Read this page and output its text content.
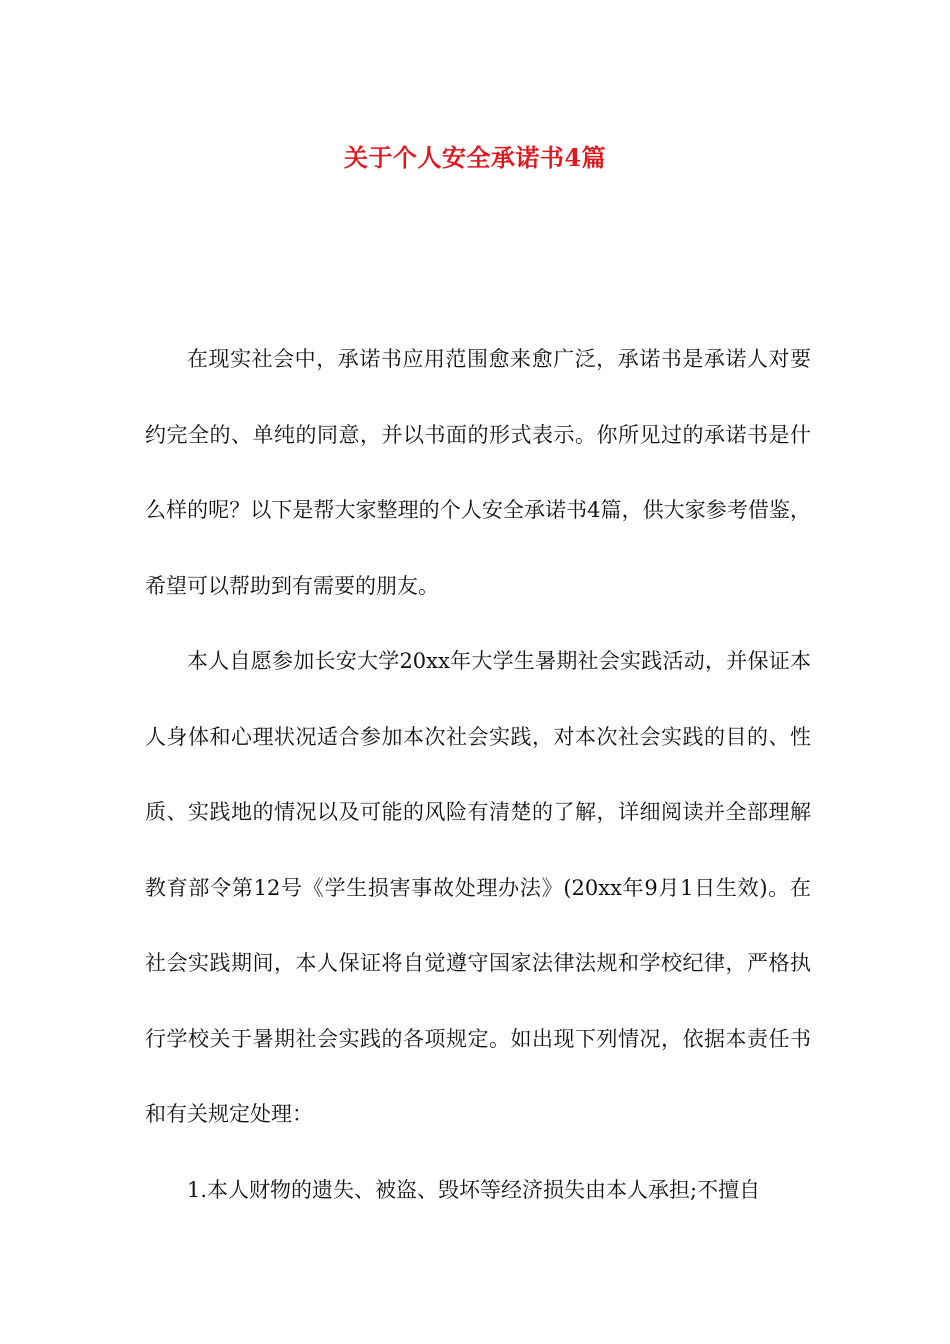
关于个人安全承诺书4篇

在现实社会中，承诺书应用范围愈来愈广泛，承诺书是承诺人对要约完全的、单纯的同意，并以书面的形式表示。你所见过的承诺书是什么样的呢？以下是帮大家整理的个人安全承诺书4篇，供大家参考借鉴，希望可以帮助到有需要的朋友。

本人自愿参加长安大学20xx年大学生暑期社会实践活动，并保证本人身体和心理状况适合参加本次社会实践，对本次社会实践的目的、性质、实践地的情况以及可能的风险有清楚的了解，详细阅读并全部理解教育部令第12号《学生损害事故处理办法》(20xx年9月1日生效)。在社会实践期间，本人保证将自觉遵守国家法律法规和学校纪律，严格执行学校关于暑期社会实践的各项规定。如出现下列情况，依据本责任书和有关规定处理：

1.本人财物的遗失、被盗、毁坏等经济损失由本人承担;不擅自
